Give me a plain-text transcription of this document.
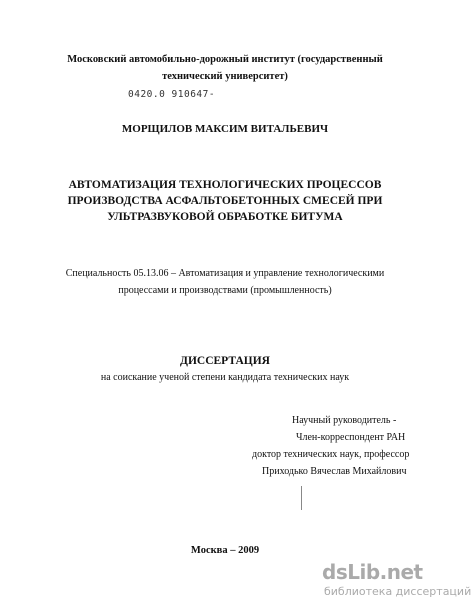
Московский автомобильно-дорожный институт (государственный
технический университет)
0420.0 910647-
МОРЩИЛОВ МАКСИМ ВИТАЛЬЕВИЧ
АВТОМАТИЗАЦИЯ ТЕХНОЛОГИЧЕСКИХ ПРОЦЕССОВ
ПРОИЗВОДСТВА АСФАЛЬТОБЕТОННЫХ СМЕСЕЙ ПРИ
УЛЬТРАЗВУКОВОЙ ОБРАБОТКЕ БИТУМА
Специальность 05.13.06 – Автоматизация и управление технологическими
процессами и производствами (промышленность)
ДИССЕРТАЦИЯ
на соискание ученой степени кандидата технических наук
Научный руководитель -
Член-корреспондент РАН
доктор технических наук, профессор
Приходько Вячеслав Михайлович
Москва – 2009
dsLib.net
библиотека диссертаций
